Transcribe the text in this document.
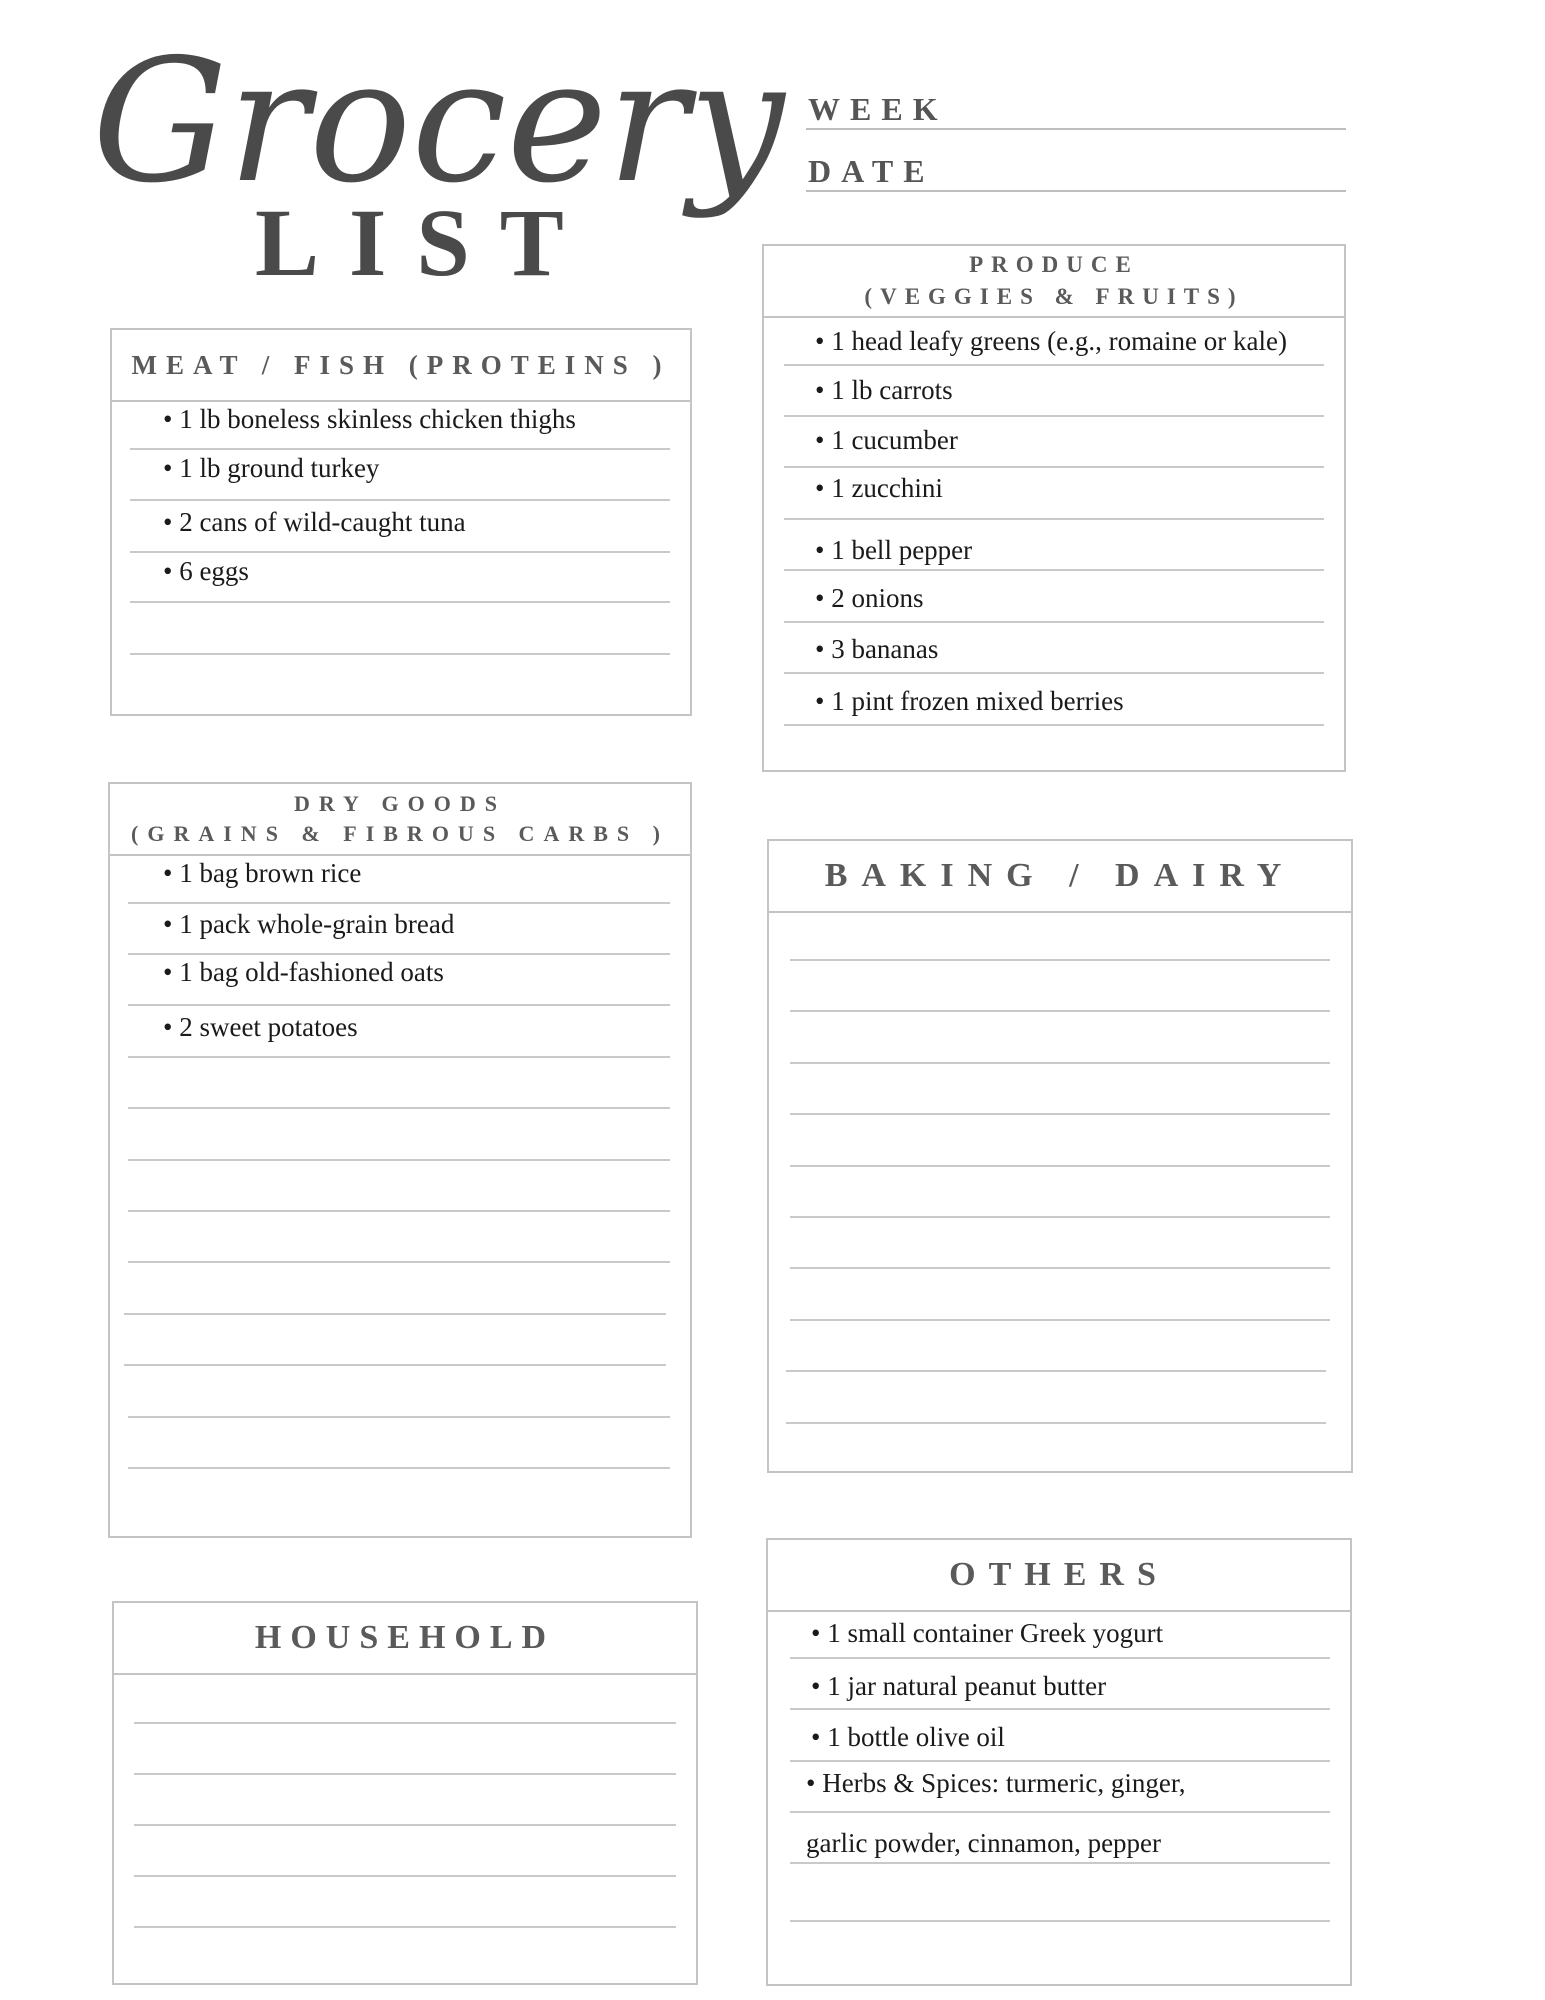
Grocery
LIST
WEEK
DATE
MEAT / FISH (PROTEINS )
• 1 lb boneless skinless chicken thighs
• 1 lb ground turkey
• 2 cans of wild-caught tuna
• 6 eggs
PRODUCE
(VEGGIES & FRUITS)
• 1 head leafy greens (e.g., romaine or kale)
• 1 lb carrots
• 1 cucumber
• 1 zucchini
• 1 bell pepper
• 2 onions
• 3 bananas
• 1 pint frozen mixed berries
DRY GOODS
(GRAINS & FIBROUS CARBS )
• 1 bag brown rice
• 1 pack whole-grain bread
• 1 bag old-fashioned oats
• 2 sweet potatoes
BAKING / DAIRY
HOUSEHOLD
OTHERS
• 1 small container Greek yogurt
• 1 jar natural peanut butter
• 1 bottle olive oil
• Herbs & Spices: turmeric, ginger,
garlic powder, cinnamon, pepper
